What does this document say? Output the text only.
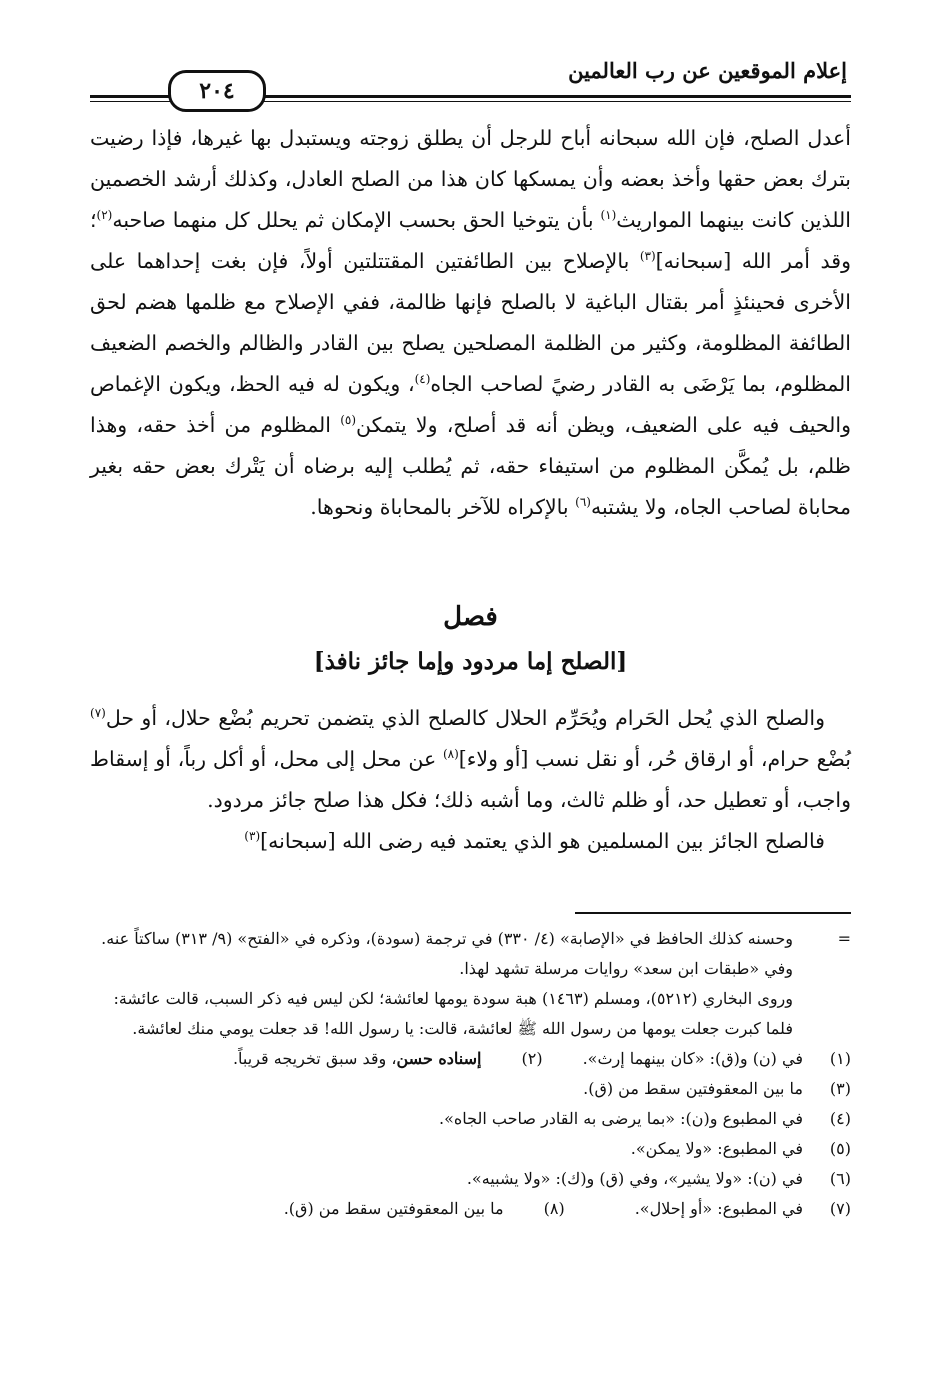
إعلام الموقعين عن رب العالمين
٢٠٤

أعدل الصلح، فإن الله سبحانه أباح للرجل أن يطلق زوجته ويستبدل بها غيرها، فإذا رضيت بترك بعض حقها وأخذ بعضه وأن يمسكها كان هذا من الصلح العادل، وكذلك أرشد الخصمين اللذين كانت بينهما المواريث$^{(١)}$ بأن يتوخيا الحق بحسب الإمكان ثم يحلل كل منهما صاحبه$^{(٢)}$؛ وقد أمر الله [سبحانه]$^{(٣)}$ بالإصلاح بين الطائفتين المقتتلتين أولاً، فإن بغت إحداهما على الأخرى فحينئذٍ أمر بقتال الباغية لا بالصلح فإنها ظالمة، ففي الإصلاح مع ظلمها هضم لحق الطائفة المظلومة، وكثير من الظلمة المصلحين يصلح بين القادر والظالم والخصم الضعيف المظلوم، بما يَرْضَى به القادر رضيً لصاحب الجاه$^{(٤)}$، ويكون له فيه الحظ، ويكون الإغماص والحيف فيه على الضعيف، ويظن أنه قد أصلح، ولا يتمكن$^{(٥)}$ المظلوم من أخذ حقه، وهذا ظلم، بل يُمكَّن المظلوم من استيفاء حقه، ثم يُطلب إليه برضاه أن يَتْرك بعض حقه بغير محاباة لصاحب الجاه، ولا يشتبه$^{(٦)}$ بالإكراه للآخر بالمحاباة ونحوها.

فصل
[الصلح إما مردود وإما جائز نافذ]

والصلح الذي يُحل الحَرام ويُحَرِّم الحلال كالصلح الذي يتضمن تحريم بُضْع حلال، أو حل$^{(٧)}$ بُضْع حرام، أو ارقاق حُر، أو نقل نسب [أو ولاء]$^{(٨)}$ عن محل إلى محل، أو أكل رباً، أو إسقاط واجب، أو تعطيل حد، أو ظلم ثالث، وما أشبه ذلك؛ فكل هذا صلح جائز مردود.

فالصلح الجائز بين المسلمين هو الذي يعتمد فيه رضى الله [سبحانه]$^{(٣)}$

=وحسنه كذلك الحافظ في «الإصابة» (٤/ ٣٣٠) في ترجمة (سودة)، وذكره في «الفتح» (٩/ ٣١٣) ساكتاً عنه.

وفي «طبقات ابن سعد» روايات مرسلة تشهد لهذا.

وروى البخاري (٥٢١٢)، ومسلم (١٤٦٣) هبة سودة يومها لعائشة؛ لكن ليس فيه ذكر السبب، قالت عائشة: فلما كبرت جعلت يومها من رسول الله ﷺ لعائشة، قالت: يا رسول الله! قد جعلت يومي منك لعائشة.

(١)
في (ن) و(ق): «كان بينهما إرث».(٢)إسناده حسن، وقد سبق تخريجه قريباً.
(٣)
ما بين المعقوفتين سقط من (ق).
(٤)
في المطبوع و(ن): «بما يرضى به القادر صاحب الجاه».
(٥)
في المطبوع: «ولا يمكن».
(٦)
في (ن): «ولا يشير»، وفي (ق) و(ك): «ولا يشبيه».
(٧)
في المطبوع: «أو إحلال».(٨)ما بين المعقوفتين سقط من (ق).
